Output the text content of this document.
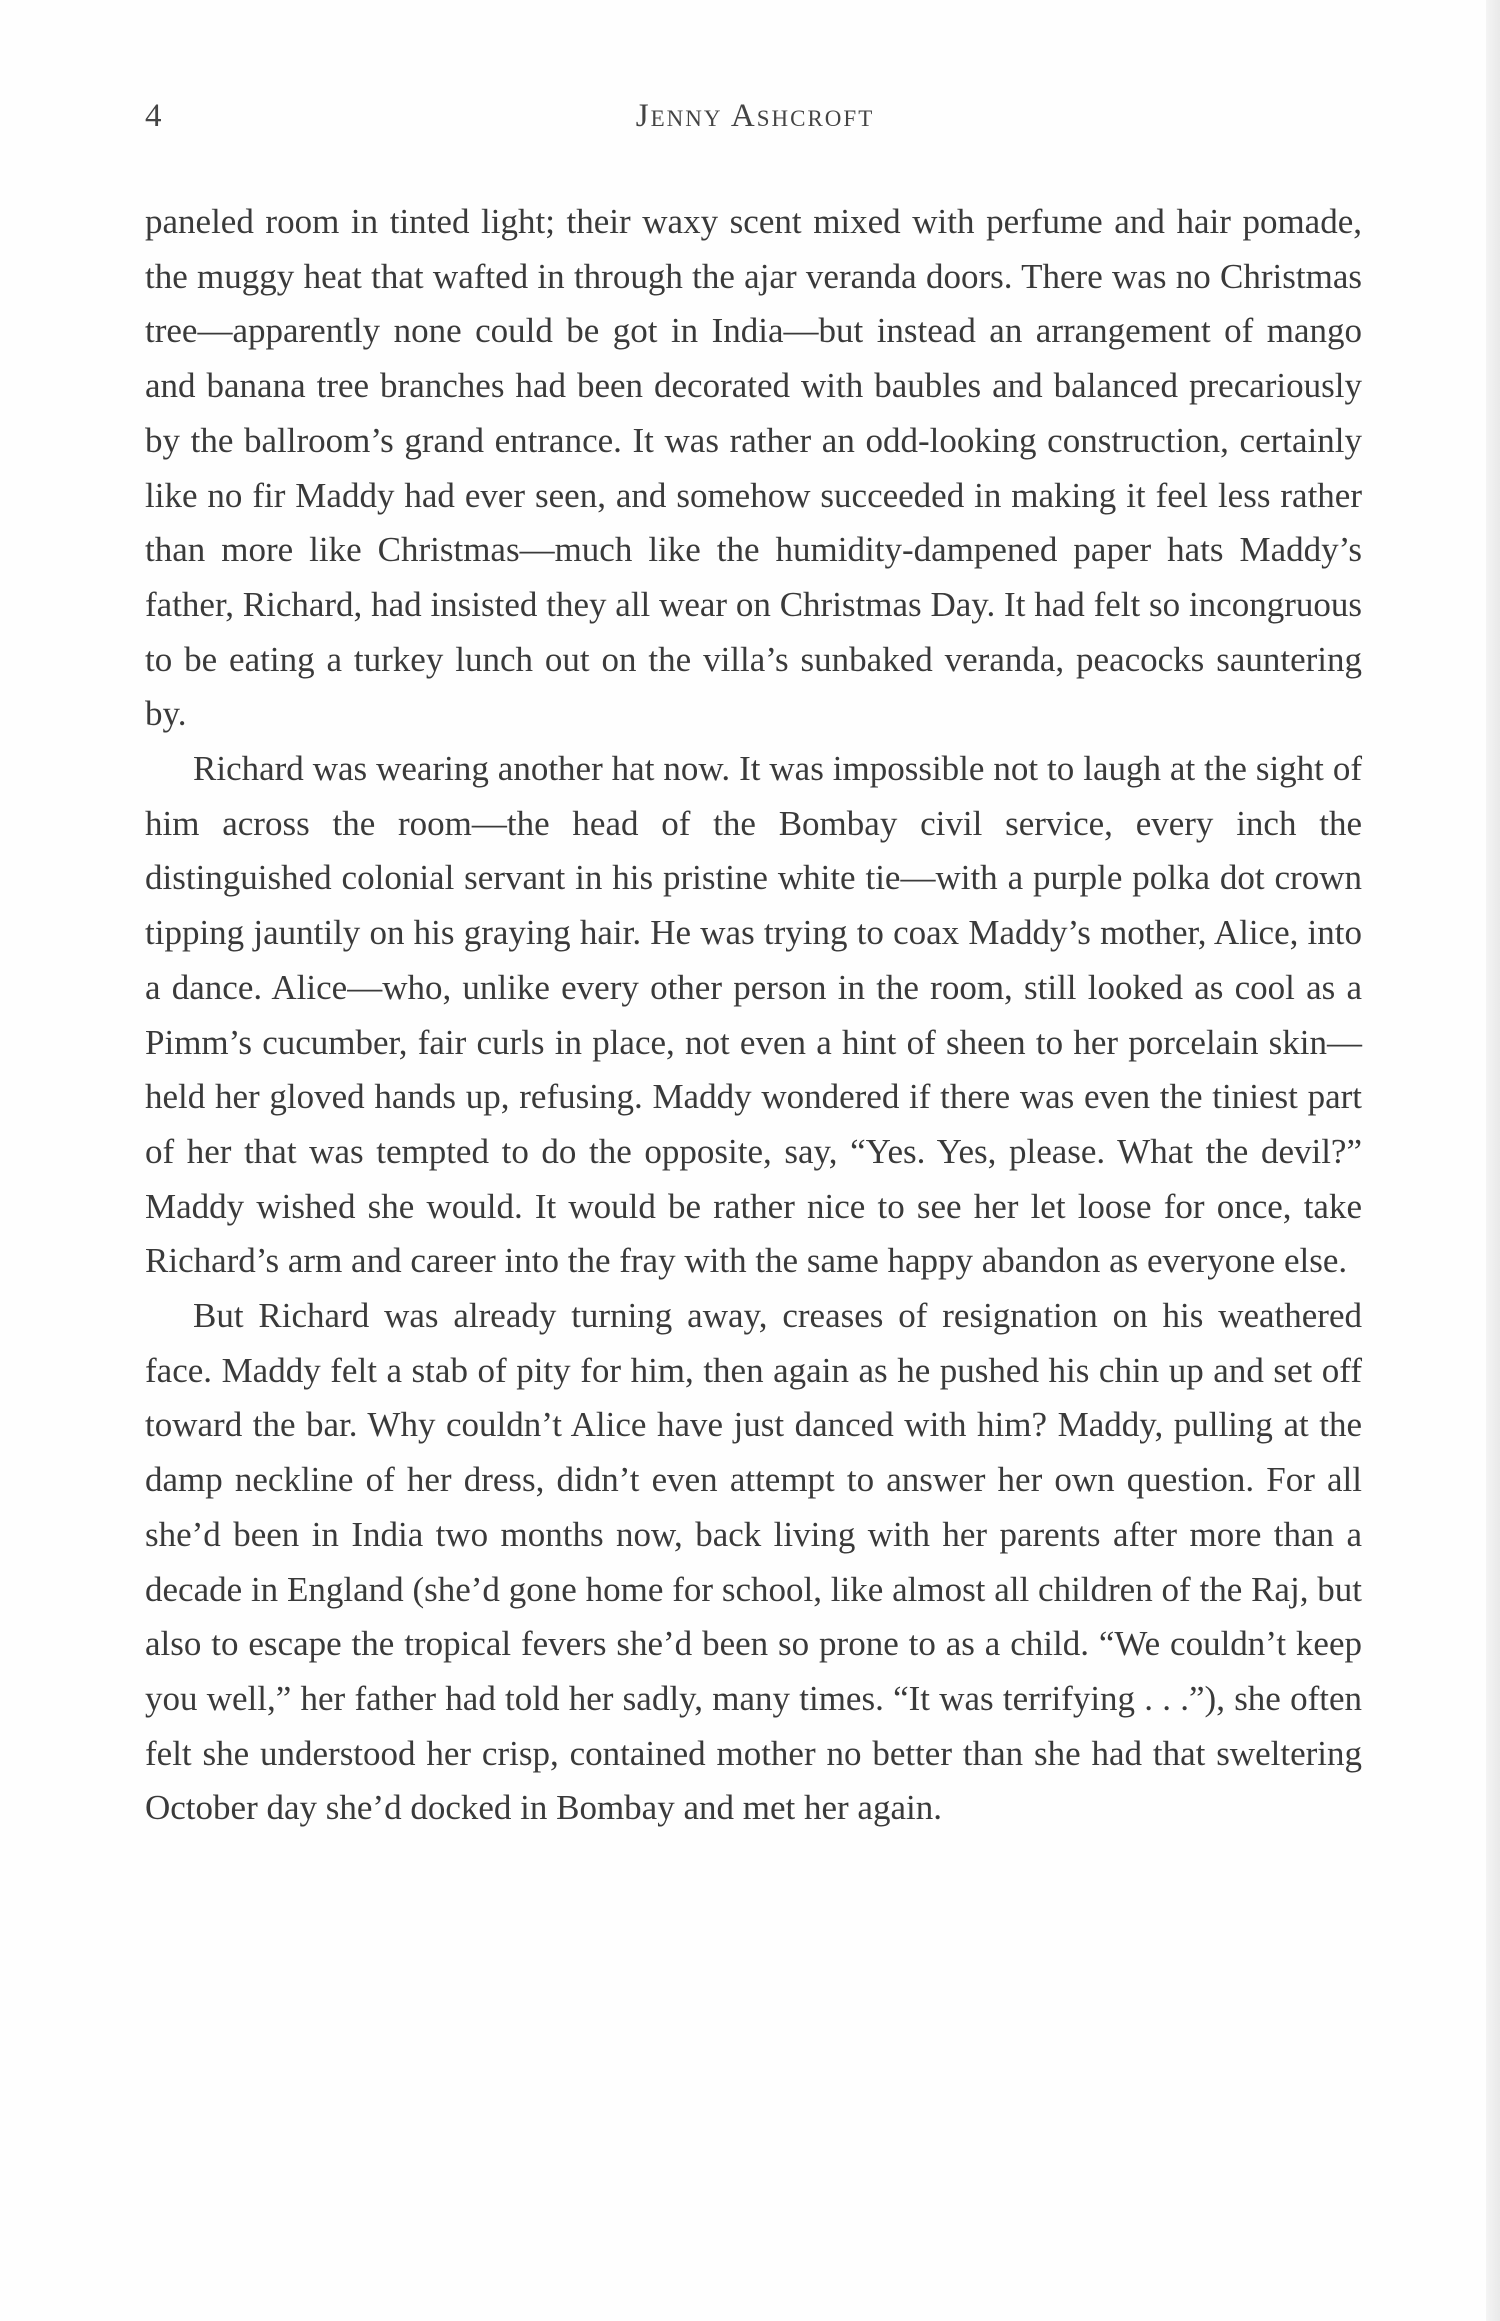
4	Jenny Ashcroft

paneled room in tinted light; their waxy scent mixed with perfume and hair pomade, the muggy heat that wafted in through the ajar veranda doors. There was no Christmas tree—apparently none could be got in India—but instead an arrangement of mango and banana tree branches had been decorated with baubles and balanced precariously by the ballroom’s grand entrance. It was rather an odd-looking construction, certainly like no fir Maddy had ever seen, and somehow succeeded in making it feel less rather than more like Christmas—much like the humidity-dampened paper hats Maddy’s father, Richard, had insisted they all wear on Christmas Day. It had felt so incongruous to be eating a turkey lunch out on the villa’s sunbaked veranda, peacocks sauntering by.

Richard was wearing another hat now. It was impossible not to laugh at the sight of him across the room—the head of the Bombay civil service, every inch the distinguished colonial servant in his pristine white tie—with a purple polka dot crown tipping jauntily on his graying hair. He was trying to coax Maddy’s mother, Alice, into a dance. Alice—who, unlike every other person in the room, still looked as cool as a Pimm’s cucumber, fair curls in place, not even a hint of sheen to her porcelain skin—held her gloved hands up, refusing. Maddy wondered if there was even the tiniest part of her that was tempted to do the opposite, say, “Yes. Yes, please. What the devil?” Maddy wished she would. It would be rather nice to see her let loose for once, take Richard’s arm and career into the fray with the same happy abandon as everyone else.

But Richard was already turning away, creases of resignation on his weathered face. Maddy felt a stab of pity for him, then again as he pushed his chin up and set off toward the bar. Why couldn’t Alice have just danced with him? Maddy, pulling at the damp neckline of her dress, didn’t even attempt to answer her own question. For all she’d been in India two months now, back living with her parents after more than a decade in England (she’d gone home for school, like almost all children of the Raj, but also to escape the tropical fevers she’d been so prone to as a child. “We couldn’t keep you well,” her father had told her sadly, many times. “It was terrifying . . .”), she often felt she understood her crisp, contained mother no better than she had that sweltering October day she’d docked in Bombay and met her again.
